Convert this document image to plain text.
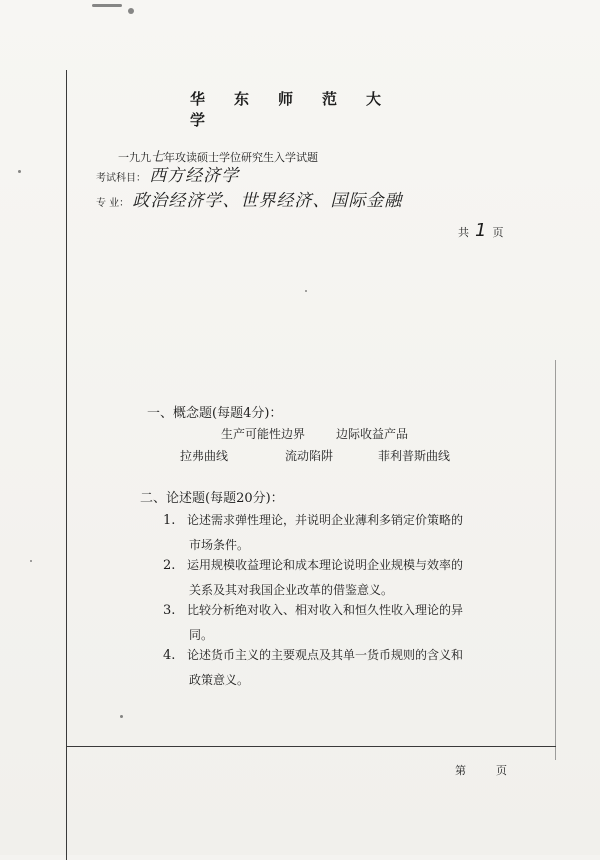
华 东 师 范 大学
一九九七年攻读硕士学位研究生入学试题
考试科目： 西方经济学
专 业： 政治经济学、世界经济、国际金融
共 1 页
一、概念题(每题4分)：
生产可能性边界	边际收益产品
拉弗曲线	流动陷阱	菲利普斯曲线
二、论述题(每题20分)：
1. 论述需求弹性理论，并说明企业薄利多销定价策略的
市场条件。
2. 运用规模收益理论和成本理论说明企业规模与效率的
关系及其对我国企业改革的借鉴意义。
3. 比较分析绝对收入、相对收入和恒久性收入理论的异
同。
4. 论述货币主义的主要观点及其单一货币规则的含义和
政策意义。
第	页
